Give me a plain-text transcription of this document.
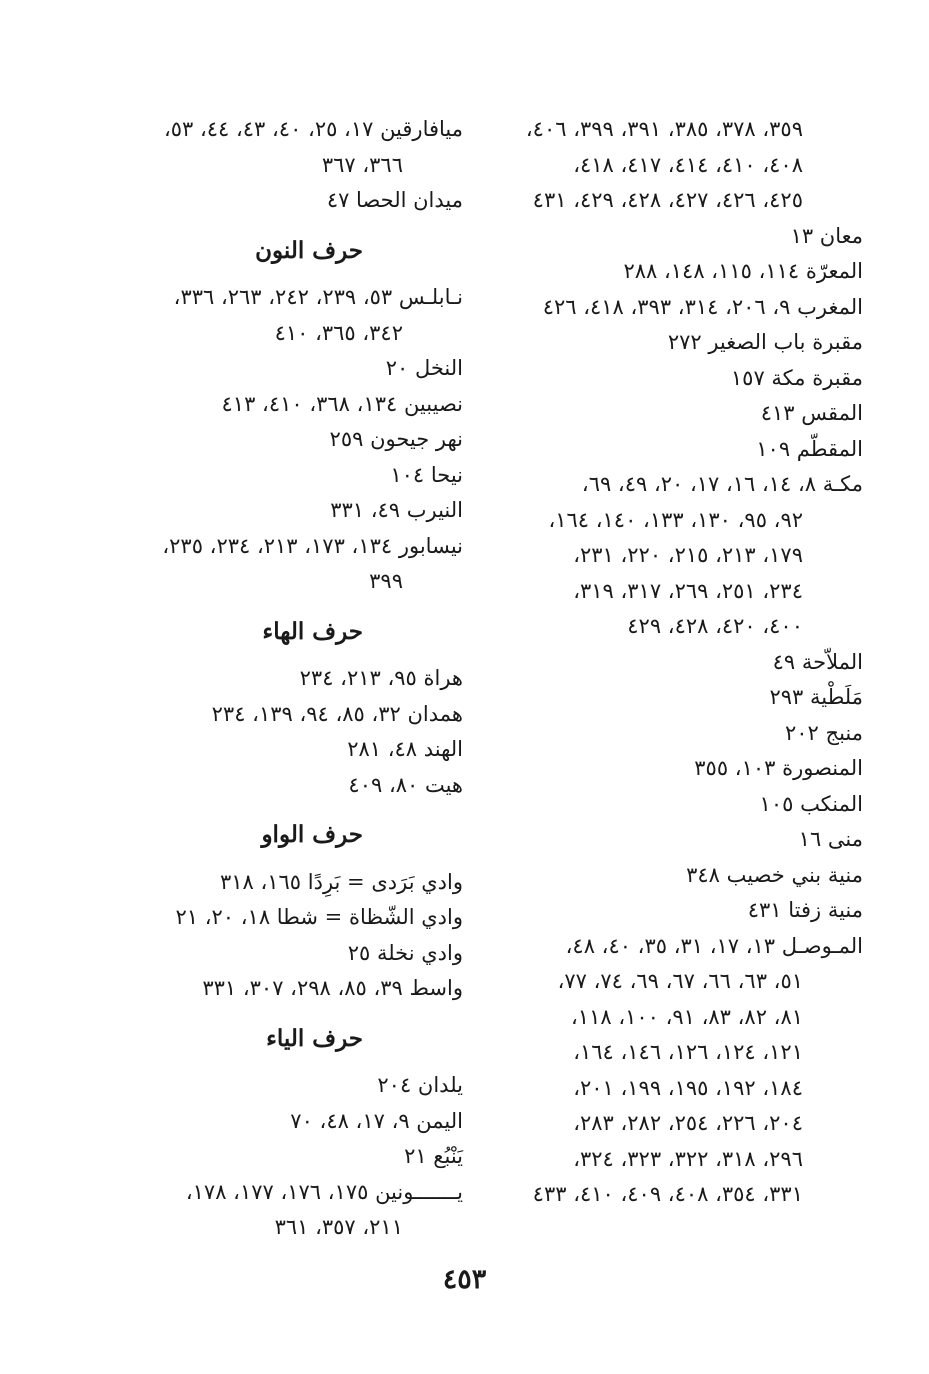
٣٥٩، ٣٧٨، ٣٨٥، ٣٩١، ٣٩٩، ٤٠٦،
٤٠٨، ٤١٠، ٤١٤، ٤١٧، ٤١٨،
٤٢٥، ٤٢٦، ٤٢٧، ٤٢٨، ٤٢٩، ٤٣١
معان ١٣
المعرّة ١١٤، ١١٥، ١٤٨، ٢٨٨
المغرب ٩، ٢٠٦، ٣١٤، ٣٩٣، ٤١٨، ٤٢٦
مقبرة باب الصغير ٢٧٢
مقبرة مكة ١٥٧
المقس ٤١٣
المقطّم ١٠٩
مكـة ٨، ١٤، ١٦، ١٧، ٢٠، ٤٩، ٦٩،
٩٢، ٩٥، ١٣٠، ١٣٣، ١٤٠، ١٦٤،
١٧٩، ٢١٣، ٢١٥، ٢٢٠، ٢٣١،
٢٣٤، ٢٥١، ٢٦٩، ٣١٧، ٣١٩،
٤٠٠، ٤٢٠، ٤٢٨، ٤٢٩
الملاّحة ٤٩
مَلَطْية ٢٩٣
منبج ٢٠٢
المنصورة ١٠٣، ٣٥٥
المنكب ١٠٥
منى ١٦
منية بني خصيب ٣٤٨
منية زفتا ٤٣١
المـوصـل ١٣، ١٧، ٣١، ٣٥، ٤٠، ٤٨،
٥١، ٦٣، ٦٦، ٦٧، ٦٩، ٧٤، ٧٧،
٨١، ٨٢، ٨٣، ٩١، ١٠٠، ١١٨،
١٢١، ١٢٤، ١٢٦، ١٤٦، ١٦٤،
١٨٤، ١٩٢، ١٩٥، ١٩٩، ٢٠١،
٢٠٤، ٢٢٦، ٢٥٤، ٢٨٢، ٢٨٣،
٢٩٦، ٣١٨، ٣٢٢، ٣٢٣، ٣٢٤،
٣٣١، ٣٥٤، ٤٠٨، ٤٠٩، ٤١٠، ٤٣٣
ميافارقين ١٧، ٢٥، ٤٠، ٤٣، ٤٤، ٥٣،
٣٦٦، ٣٦٧
ميدان الحصا ٤٧
حرف النون
نـابلـس ٥٣، ٢٣٩، ٢٤٢، ٢٦٣، ٣٣٦،
٣٤٢، ٣٦٥، ٤١٠
النخل ٢٠
نصيبين ١٣٤، ٣٦٨، ٤١٠، ٤١٣
نهر جيحون ٢٥٩
نيحا ١٠٤
النيرب ٤٩، ٣٣١
نيسابور ١٣٤، ١٧٣، ٢١٣، ٢٣٤، ٢٣٥،
٣٩٩
حرف الهاء
هراة ٩٥، ٢١٣، ٢٣٤
همدان ٣٢، ٨٥، ٩٤، ١٣٩، ٢٣٤
الهند ٤٨، ٢٨١
هيت ٨٠، ٤٠٩
حرف الواو
وادي بَرَدى = بَرِدًا ١٦٥، ٣١٨
وادي الشّظاة = شطا ١٨، ٢٠، ٢١
وادي نخلة ٢٥
واسط ٣٩، ٨٥، ٢٩٨، ٣٠٧، ٣٣١
حرف الياء
يلدان ٢٠٤
اليمن ٩، ١٧، ٤٨، ٧٠
يَنْبُع ٢١
يـــــــونين ١٧٥، ١٧٦، ١٧٧، ١٧٨،
٢١١، ٣٥٧، ٣٦١
٤٥٣
